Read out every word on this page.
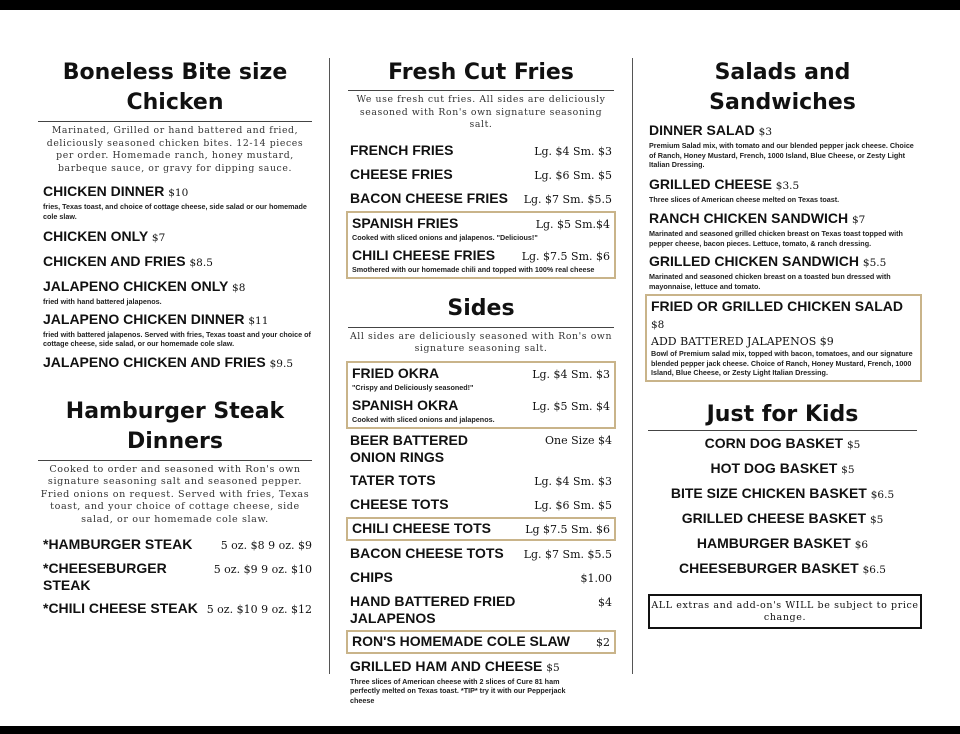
Boneless Bite size
Chicken
Marinated, Grilled or hand battered and fried, deliciously seasoned chicken bites. 12-14 pieces per order. Homemade ranch, honey mustard, barbeque sauce, or gravy for dipping sauce.
CHICKEN DINNER $10
fries, Texas toast, and choice of cottage cheese, side salad or our homemade cole slaw.
CHICKEN ONLY $7
CHICKEN AND FRIES $8.5
JALAPENO CHICKEN ONLY $8
fried with hand battered jalapenos.
JALAPENO CHICKEN DINNER $11
fried with battered jalapenos. Served with fries, Texas toast and your choice of cottage cheese, side salad, or our homemade cole slaw.
JALAPENO CHICKEN AND FRIES $9.5
Hamburger Steak
Dinners
Cooked to order and seasoned with Ron's own signature seasoning salt and seasoned pepper. Fried onions on request. Served with fries, Texas toast, and your choice of cottage cheese, side salad, or our homemade cole slaw.
*HAMBURGER STEAK	5 oz. $8 9 oz. $9
*CHEESEBURGER STEAK
5 oz. $9 9 oz. $10
*CHILI CHEESE STEAK 5 oz. $10 9 oz. $12
Fresh Cut Fries
We use fresh cut fries. All sides are deliciously seasoned with Ron's own signature seasoning salt.
FRENCH FRIES	Lg. $4 Sm. $3
CHEESE FRIES	Lg. $6 Sm. $5
BACON CHEESE FRIES Lg. $7 Sm. $5.5
SPANISH FRIES	Lg. $5 Sm.$4
Cooked with sliced onions and jalapenos. "Delicious!"
CHILI CHEESE FRIES Lg. $7.5 Sm. $6
Smothered with our homemade chili and topped with 100% real cheese
Sides
All sides are deliciously seasoned with Ron's own signature seasoning salt.
FRIED OKRA	Lg. $4 Sm. $3
"Crispy and Deliciously seasoned!"
SPANISH OKRA	Lg. $5 Sm. $4
Cooked with sliced onions and jalapenos.
BEER BATTERED ONION RINGS
One Size $4
TATER TOTS	Lg. $4 Sm. $3
CHEESE TOTS	Lg. $6 Sm. $5
CHILI CHEESE TOTS	Lg $7.5 Sm. $6
BACON CHEESE TOTS Lg. $7 Sm. $5.5
CHIPS	$1.00
HAND BATTERED FRIED JALAPENOS
$4
RON'S HOMEMADE COLE SLAW $2
GRILLED HAM AND CHEESE $5
Three slices of American cheese with 2 slices of Cure 81 ham perfectly melted on Texas toast. *TIP* try it with our Pepperjack cheese
Salads and
Sandwiches
DINNER SALAD $3
Premium Salad mix, with tomato and our blended pepper jack cheese. Choice of Ranch, Honey Mustard, French, 1000 Island, Blue Cheese, or Zesty Light Italian Dressing.
GRILLED CHEESE $3.5
Three slices of American cheese melted on Texas toast.
RANCH CHICKEN SANDWICH $7
Marinated and seasoned grilled chicken breast on Texas toast topped with pepper cheese, bacon pieces. Lettuce, tomato, & ranch dressing.
GRILLED CHICKEN SANDWICH $5.5
Marinated and seasoned chicken breast on a toasted bun dressed with mayonnaise, lettuce and tomato.
FRIED OR GRILLED CHICKEN SALAD $8
ADD BATTERED JALAPENOS $9
Bowl of Premium salad mix, topped with bacon, tomatoes, and our signature blended pepper jack cheese. Choice of Ranch, Honey Mustard, French, 1000 Island, Blue Cheese, or Zesty Light Italian Dressing.
Just for Kids
CORN DOG BASKET $5
HOT DOG BASKET $5
BITE SIZE CHICKEN BASKET $6.5
GRILLED CHEESE BASKET $5
HAMBURGER BASKET $6
CHEESEBURGER BASKET $6.5
ALL extras and add-on's WILL be subject to price change.
